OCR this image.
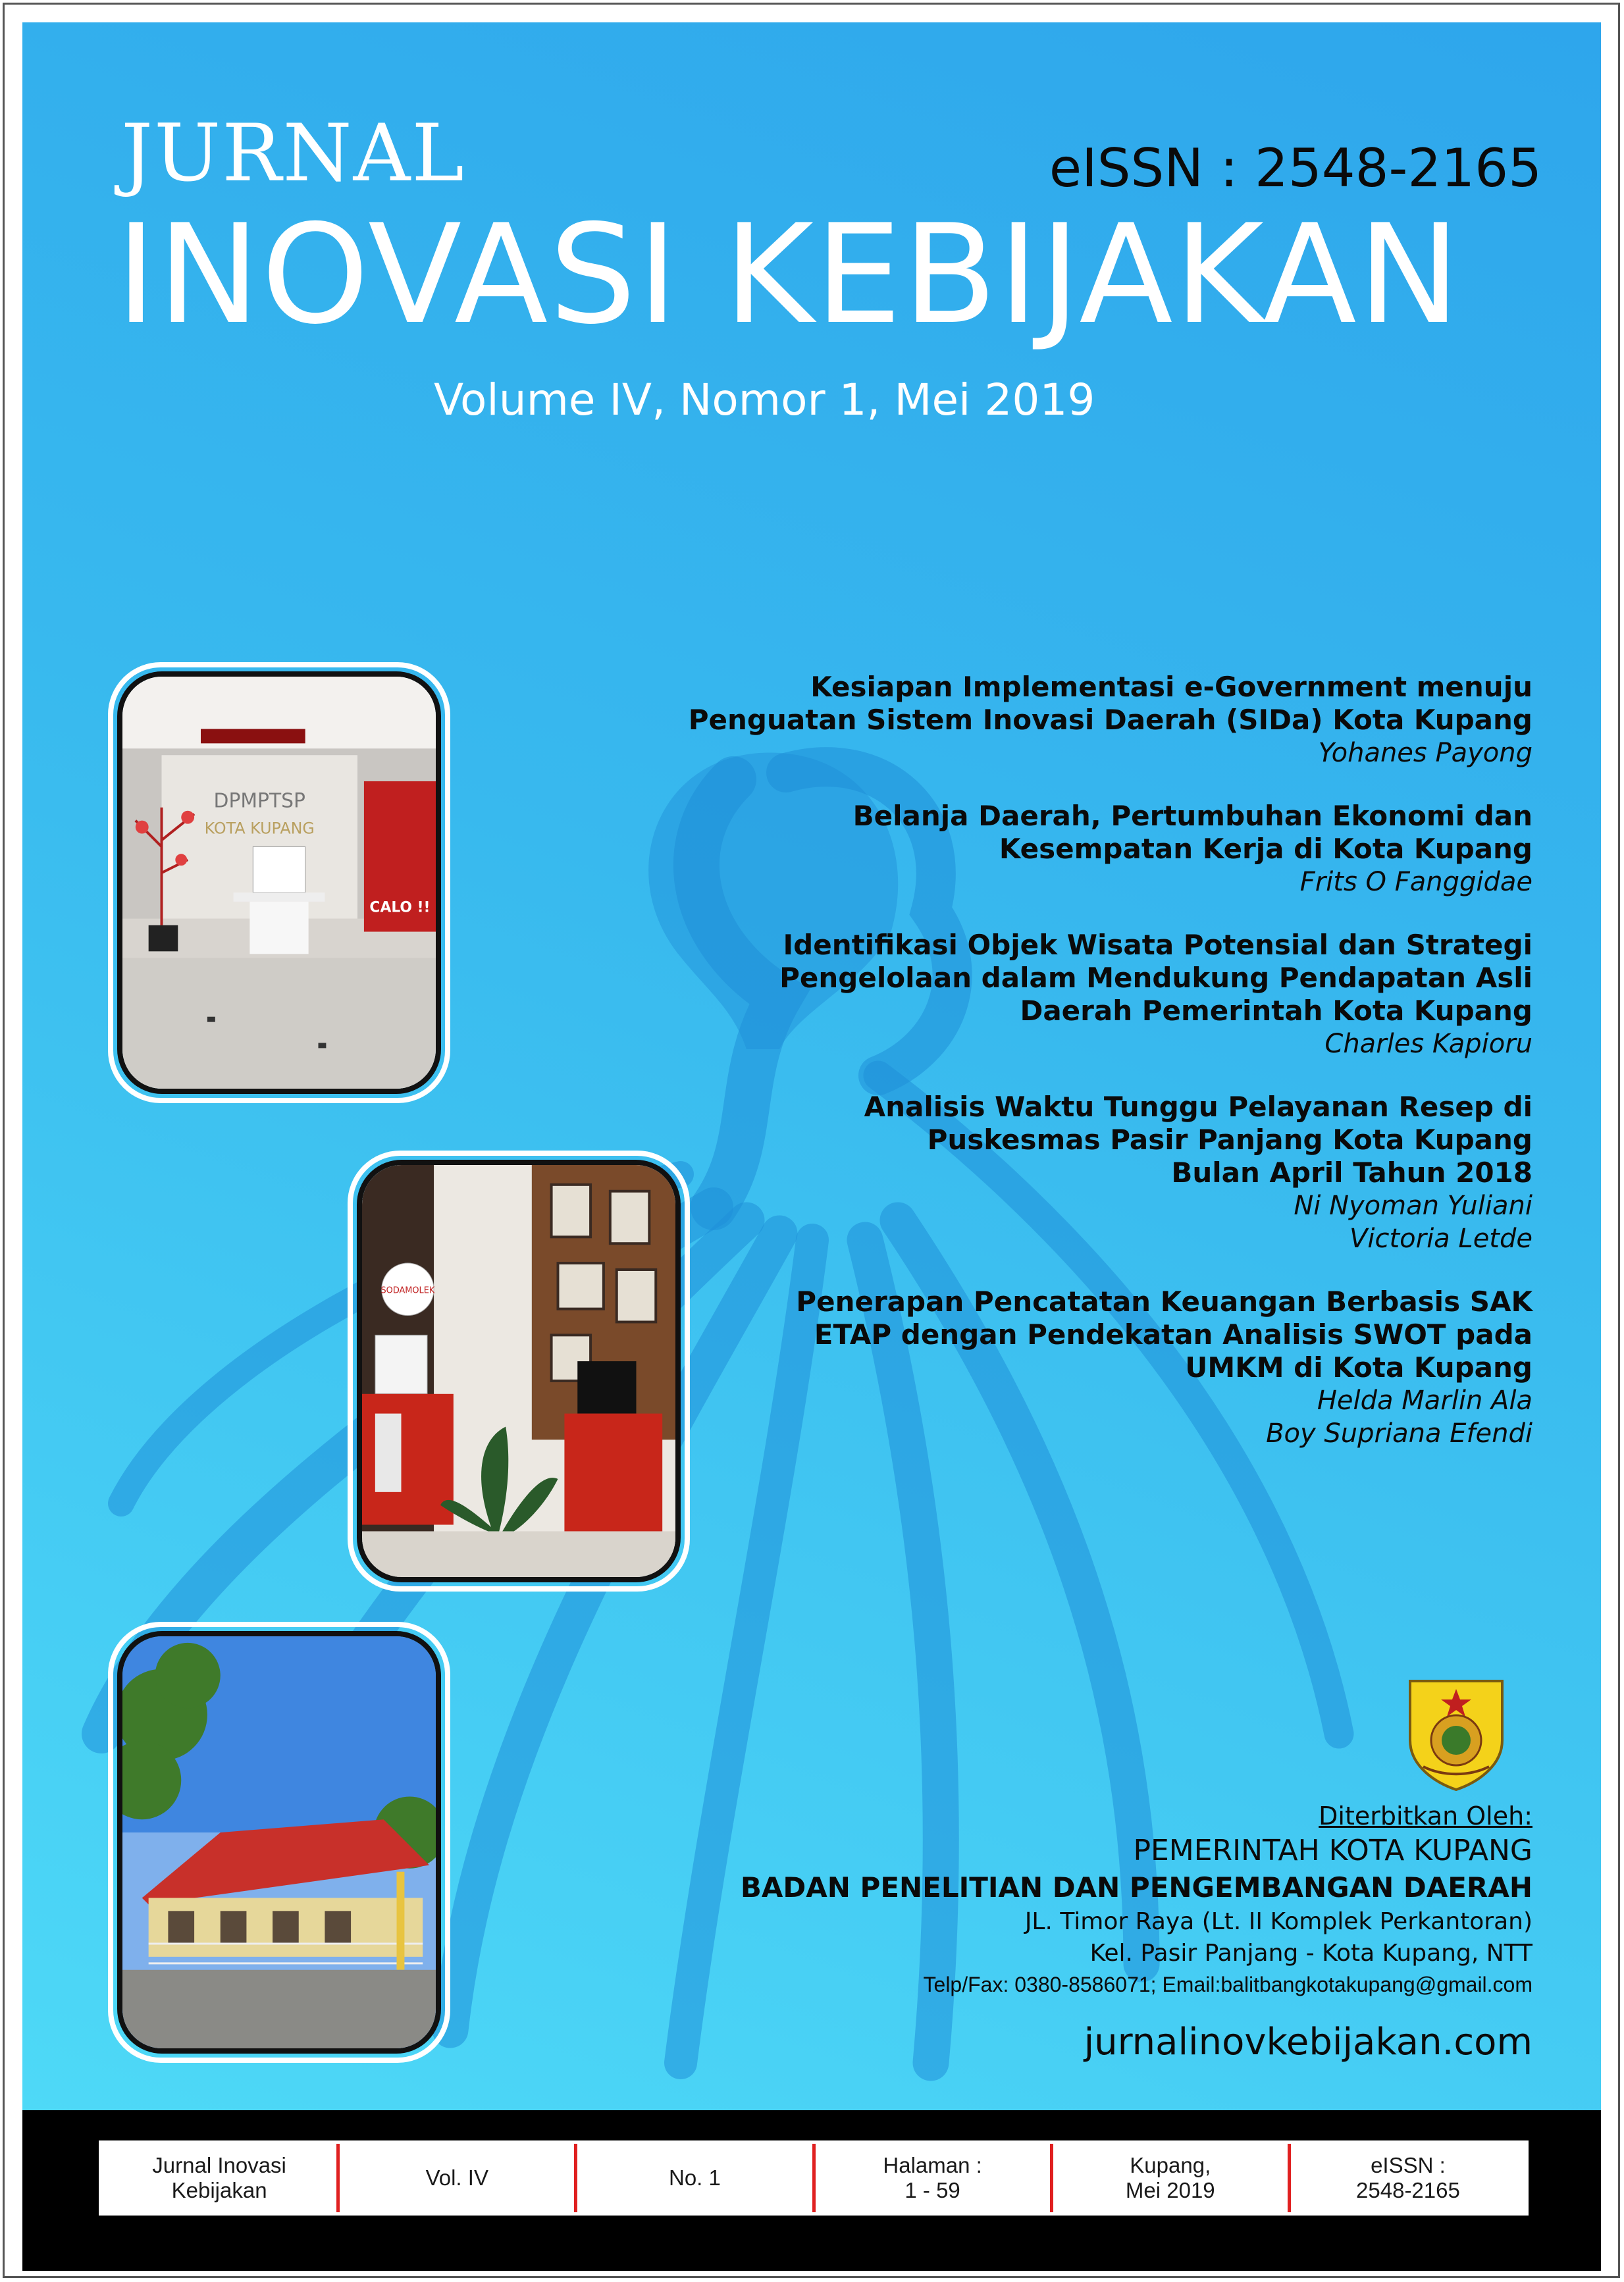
JURNAL	eISSN : 2548-2165
INOVASI KEBIJAKAN
Volume IV, Nomor 1, Mei 2019
DPMPTSP
KOTA KUPANG
CALO !!
SODAMOLEK
Kesiapan Implementasi e-Government menuju
Penguatan Sistem Inovasi Daerah (SIDa) Kota Kupang
Yohanes Payong
Belanja Daerah, Pertumbuhan Ekonomi dan
Kesempatan Kerja di Kota Kupang
Frits O Fanggidae
Identifikasi Objek Wisata Potensial dan Strategi
Pengelolaan dalam Mendukung Pendapatan Asli
Daerah Pemerintah Kota Kupang
Charles Kapioru
Analisis Waktu Tunggu Pelayanan Resep di
Puskesmas Pasir Panjang Kota Kupang
Bulan April Tahun 2018
Ni Nyoman Yuliani
Victoria Letde
Penerapan Pencatatan Keuangan Berbasis SAK
ETAP dengan Pendekatan Analisis SWOT pada
UMKM di Kota Kupang
Helda Marlin Ala
Boy Supriana Efendi
Diterbitkan Oleh:
PEMERINTAH KOTA KUPANG
BADAN PENELITIAN DAN PENGEMBANGAN DAERAH
JL. Timor Raya (Lt. II Komplek Perkantoran)
Kel. Pasir Panjang - Kota Kupang, NTT
Telp/Fax: 0380-8586071; Email:balitbangkotakupang@gmail.com
jurnalinovkebijakan.com
Jurnal Inovasi
Kebijakan
Vol. IV	No. 1
Halaman :
1 - 59
Kupang,
Mei 2019
eISSN :
2548-2165
